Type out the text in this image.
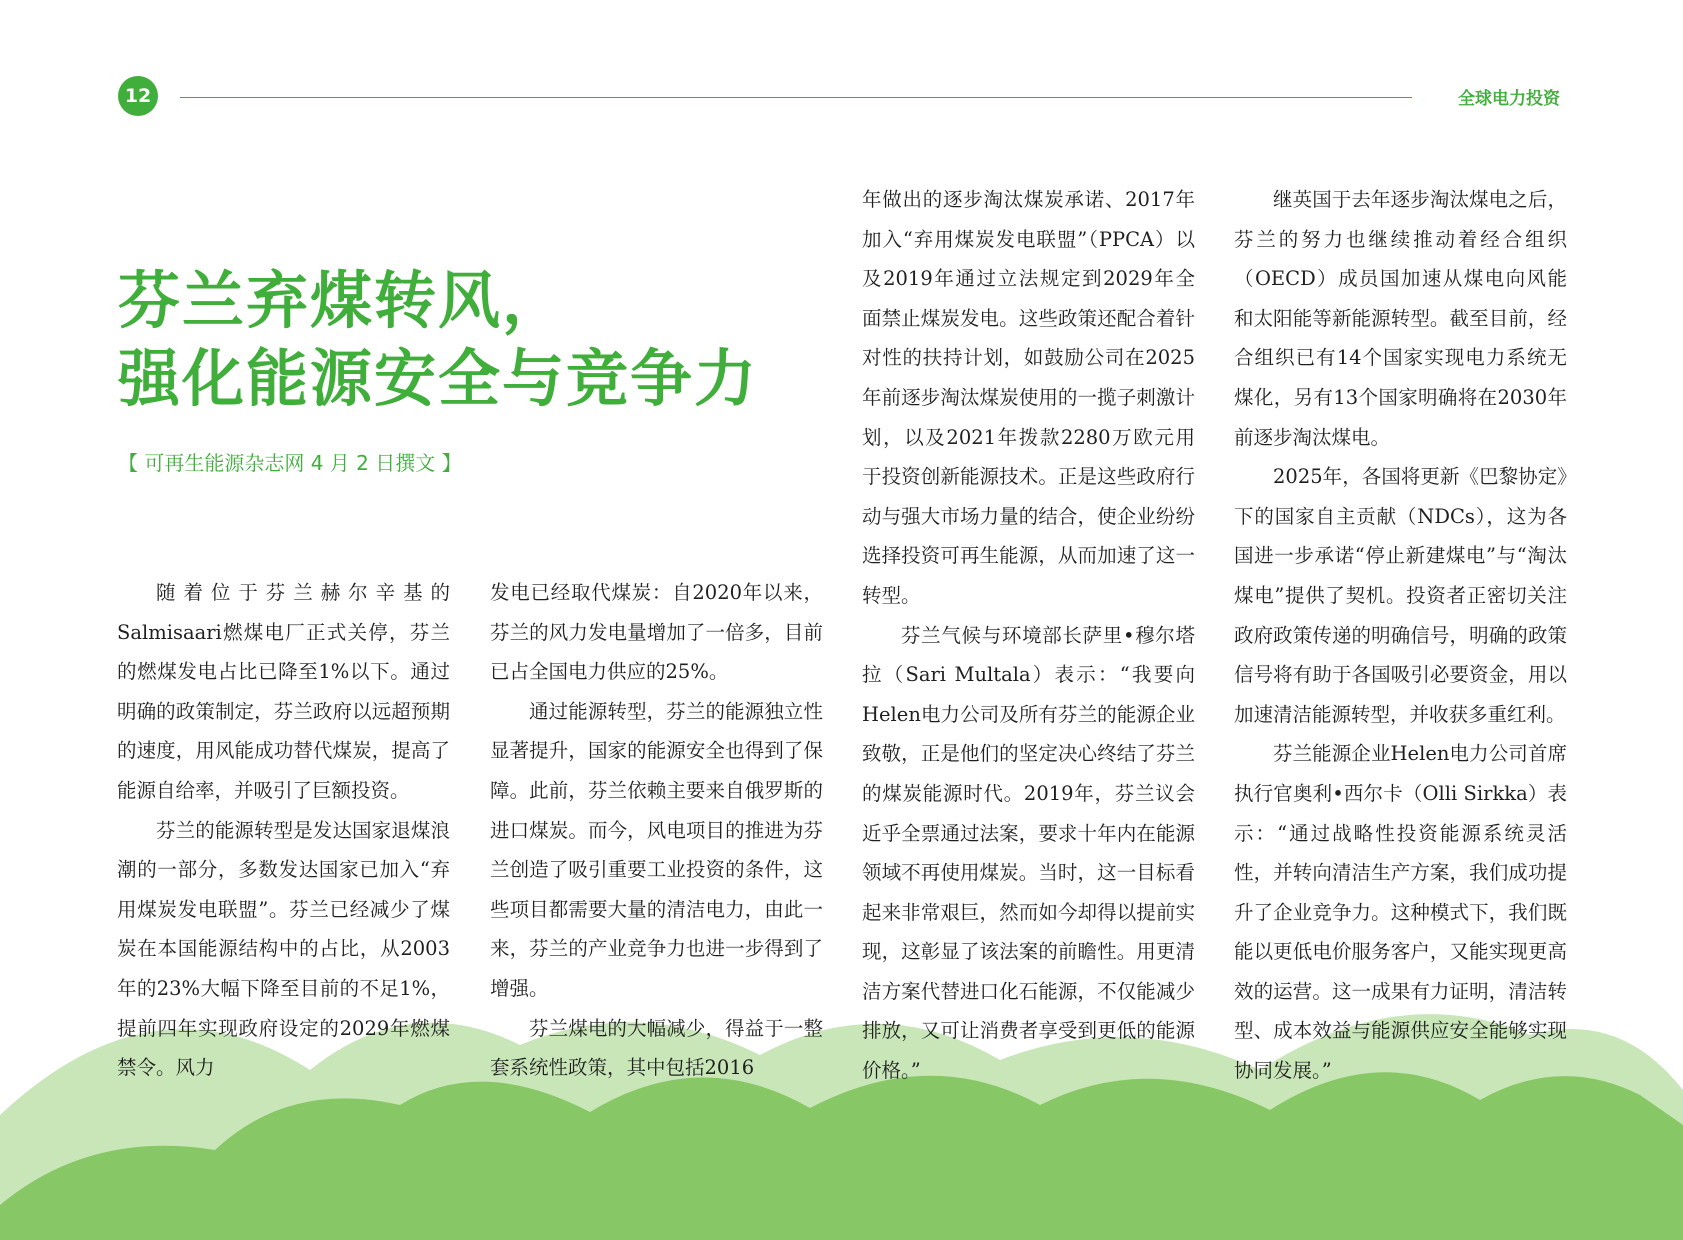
12	全球电力投资
芬兰弃煤转风，
强化能源安全与竞争力
【 可再生能源杂志网 4 月 2 日撰文 】

随着位于芬兰赫尔辛基的Salmisaari燃煤电厂正式关停，芬兰的燃煤发电占比已降至1%以下。通过明确的政策制定，芬兰政府以远超预期的速度，用风能成功替代煤炭，提高了能源自给率，并吸引了巨额投资。

芬兰的能源转型是发达国家退煤浪潮的一部分，多数发达国家已加入“弃用煤炭发电联盟”。芬兰已经减少了煤炭在本国能源结构中的占比，从2003年的23%大幅下降至目前的不足1%，提前四年实现政府设定的2029年燃煤禁令。风力

发电已经取代煤炭：自2020年以来，芬兰的风力发电量增加了一倍多，目前已占全国电力供应的25%。

通过能源转型，芬兰的能源独立性显著提升，国家的能源安全也得到了保障。此前，芬兰依赖主要来自俄罗斯的进口煤炭。而今，风电项目的推进为芬兰创造了吸引重要工业投资的条件，这些项目都需要大量的清洁电力，由此一来，芬兰的产业竞争力也进一步得到了增强。

芬兰煤电的大幅减少，得益于一整套系统性政策，其中包括2016

年做出的逐步淘汰煤炭承诺、2017年加入“弃用煤炭发电联盟”（PPCA）以及2019年通过立法规定到2029年全面禁止煤炭发电。这些政策还配合着针对性的扶持计划，如鼓励公司在2025年前逐步淘汰煤炭使用的一揽子刺激计划，以及2021年拨款2280万欧元用于投资创新能源技术。正是这些政府行动与强大市场力量的结合，使企业纷纷选择投资可再生能源，从而加速了这一转型。

芬兰气候与环境部长萨里•穆尔塔拉（Sari Multala）表示：“我要向Helen电力公司及所有芬兰的能源企业致敬，正是他们的坚定决心终结了芬兰的煤炭能源时代。2019年，芬兰议会近乎全票通过法案，要求十年内在能源领域不再使用煤炭。当时，这一目标看起来非常艰巨，然而如今却得以提前实现，这彰显了该法案的前瞻性。用更清洁方案代替进口化石能源，不仅能减少排放，又可让消费者享受到更低的能源价格。”

继英国于去年逐步淘汰煤电之后，芬兰的努力也继续推动着经合组织（OECD）成员国加速从煤电向风能和太阳能等新能源转型。截至目前，经合组织已有14个国家实现电力系统无煤化，另有13个国家明确将在2030年前逐步淘汰煤电。

2025年，各国将更新《巴黎协定》下的国家自主贡献（NDCs），这为各国进一步承诺“停止新建煤电”与“淘汰煤电”提供了契机。投资者正密切关注政府政策传递的明确信号，明确的政策信号将有助于各国吸引必要资金，用以加速清洁能源转型，并收获多重红利。

芬兰能源企业Helen电力公司首席执行官奥利•西尔卡（Olli Sirkka）表示：“通过战略性投资能源系统灵活性，并转向清洁生产方案，我们成功提升了企业竞争力。这种模式下，我们既能以更低电价服务客户，又能实现更高效的运营。这一成果有力证明，清洁转型、成本效益与能源供应安全能够实现协同发展。”
